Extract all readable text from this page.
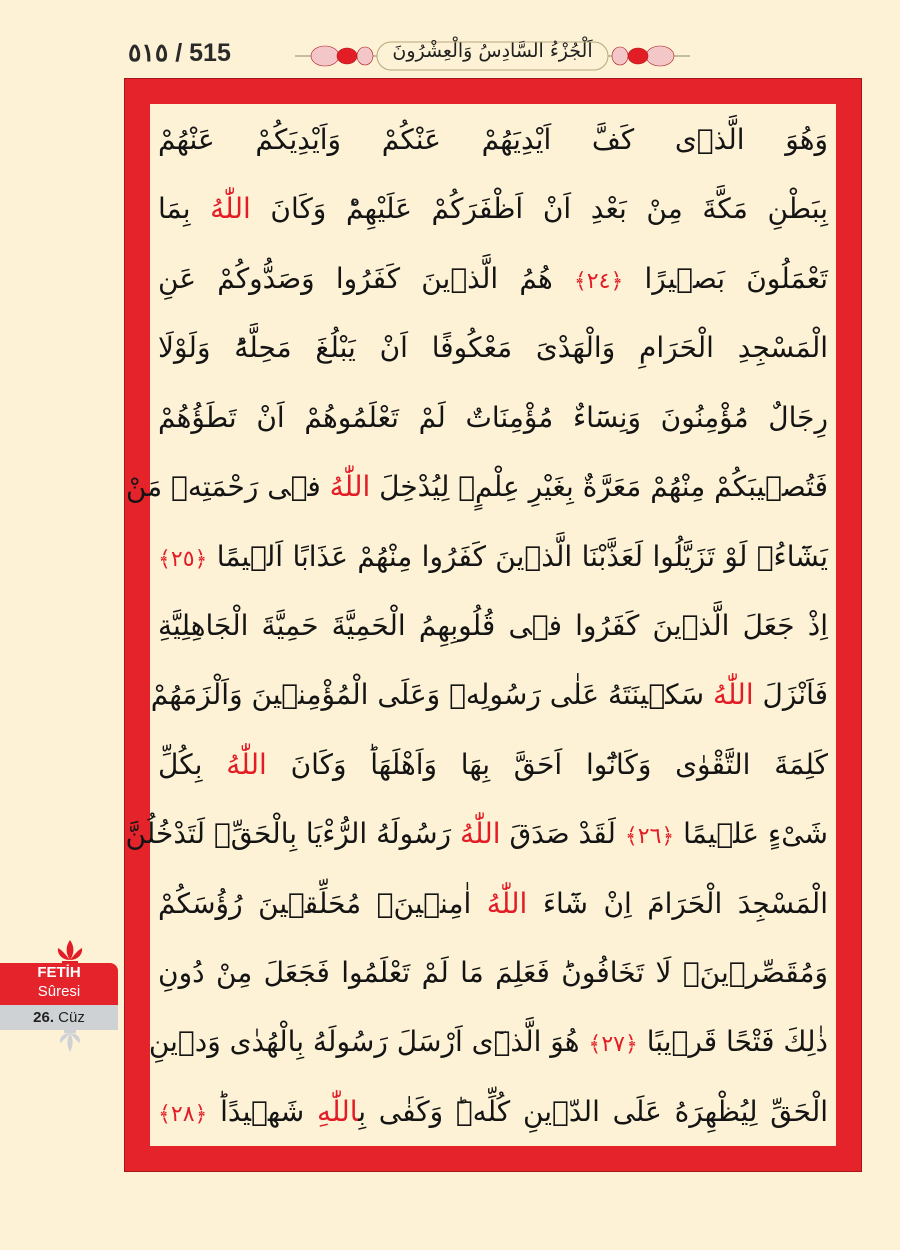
٥١٥ / 515	اَلْجُزْءُ السَّادِسُ وَالْعِشْرُونَ
وَهُوَ الَّذٖى كَفَّ اَيْدِيَهُمْ عَنْكُمْ وَاَيْدِيَكُمْ عَنْهُمْ
بِبَطْنِ مَكَّةَ مِنْ بَعْدِ اَنْ اَظْفَرَكُمْ عَلَيْهِمْؕ وَكَانَ اللّٰهُ بِمَا
تَعْمَلُونَ بَصٖيرًا ﴿٢٤﴾ هُمُ الَّذٖينَ كَفَرُوا وَصَدُّوكُمْ عَنِ
الْمَسْجِدِ الْحَرَامِ وَالْهَدْىَ مَعْكُوفًا اَنْ يَبْلُغَ مَحِلَّهُؕ وَلَوْلَا
رِجَالٌ مُؤْمِنُونَ وَنِسَٓاءٌ مُؤْمِنَاتٌ لَمْ تَعْلَمُوهُمْ اَنْ تَطَؤُهُمْ
فَتُصٖيبَكُمْ مِنْهُمْ مَعَرَّةٌ بِغَيْرِ عِلْمٍۚ لِيُدْخِلَ اللّٰهُ فٖى رَحْمَتِهٖ مَنْ
يَشَٓاءُۚ لَوْ تَزَيَّلُوا لَعَذَّبْنَا الَّذٖينَ كَفَرُوا مِنْهُمْ عَذَابًا اَلٖيمًا ﴿٢٥﴾
اِذْ جَعَلَ الَّذٖينَ كَفَرُوا فٖى قُلُوبِهِمُ الْحَمِيَّةَ حَمِيَّةَ الْجَاهِلِيَّةِ
فَاَنْزَلَ اللّٰهُ سَكٖينَتَهُ عَلٰى رَسُولِهٖ وَعَلَى الْمُؤْمِنٖينَ وَاَلْزَمَهُمْ
كَلِمَةَ التَّقْوٰى وَكَانُٓوا اَحَقَّ بِهَا وَاَهْلَهَاؕ وَكَانَ اللّٰهُ بِكُلِّ
شَىْءٍ عَلٖيمًا ﴿٢٦﴾ لَقَدْ صَدَقَ اللّٰهُ رَسُولَهُ الرُّءْيَا بِالْحَقِّۚ لَتَدْخُلُنَّ
الْمَسْجِدَ الْحَرَامَ اِنْ شَٓاءَ اللّٰهُ اٰمِنٖينَۙ مُحَلِّقٖينَ رُؤُسَكُمْ
وَمُقَصِّرٖينَۙ لَا تَخَافُونَؕ فَعَلِمَ مَا لَمْ تَعْلَمُوا فَجَعَلَ مِنْ دُونِ
ذٰلِكَ فَتْحًا قَرٖيبًا ﴿٢٧﴾ هُوَ الَّذٖٓى اَرْسَلَ رَسُولَهُ بِالْهُدٰى وَدٖينِ
الْحَقِّ لِيُظْهِرَهُ عَلَى الدّٖينِ كُلِّهٖؕ وَكَفٰى بِاللّٰهِ شَهٖيدًاؕ ﴿٢٨﴾
FETİH
Sûresi
26. Cüz
